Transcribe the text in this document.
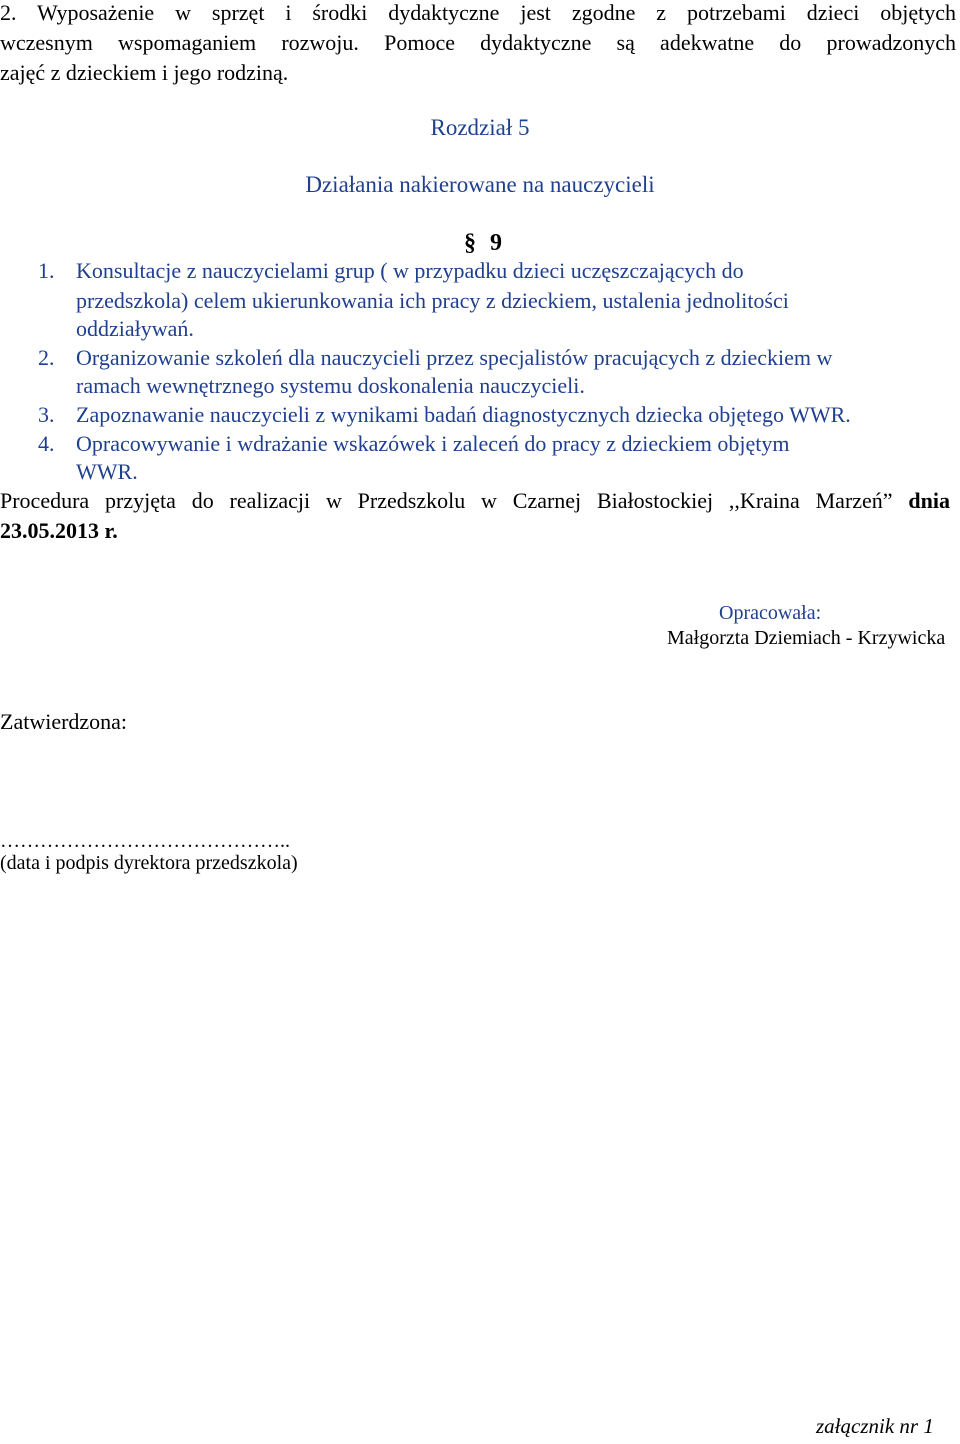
2. Wyposażenie w sprzęt i środki dydaktyczne jest zgodne z potrzebami dzieci objętych
wczesnym wspomaganiem rozwoju. Pomoce dydaktyczne są adekwatne do prowadzonych
zajęć z dzieckiem i jego rodziną.
Rozdział 5
Działania nakierowane na nauczycieli
§ 9
1. Konsultacje z nauczycielami grup ( w przypadku dzieci uczęszczających do
przedszkola) celem ukierunkowania ich pracy z dzieckiem, ustalenia jednolitości
oddziaływań.
2. Organizowanie szkoleń dla nauczycieli przez specjalistów pracujących z dzieckiem w
ramach wewnętrznego systemu doskonalenia nauczycieli.
3. Zapoznawanie nauczycieli z wynikami badań diagnostycznych dziecka objętego WWR.
4. Opracowywanie i wdrażanie wskazówek i zaleceń do pracy z dzieckiem objętym
WWR.
Procedura przyjęta do realizacji w Przedszkolu w Czarnej Białostockiej ,,Kraina Marzeń” dnia
23.05.2013 r.
Opracowała:
Małgorzta Dziemiach - Krzywicka
Zatwierdzona:
……………………………………..
(data i podpis dyrektora przedszkola)
załącznik nr 1
